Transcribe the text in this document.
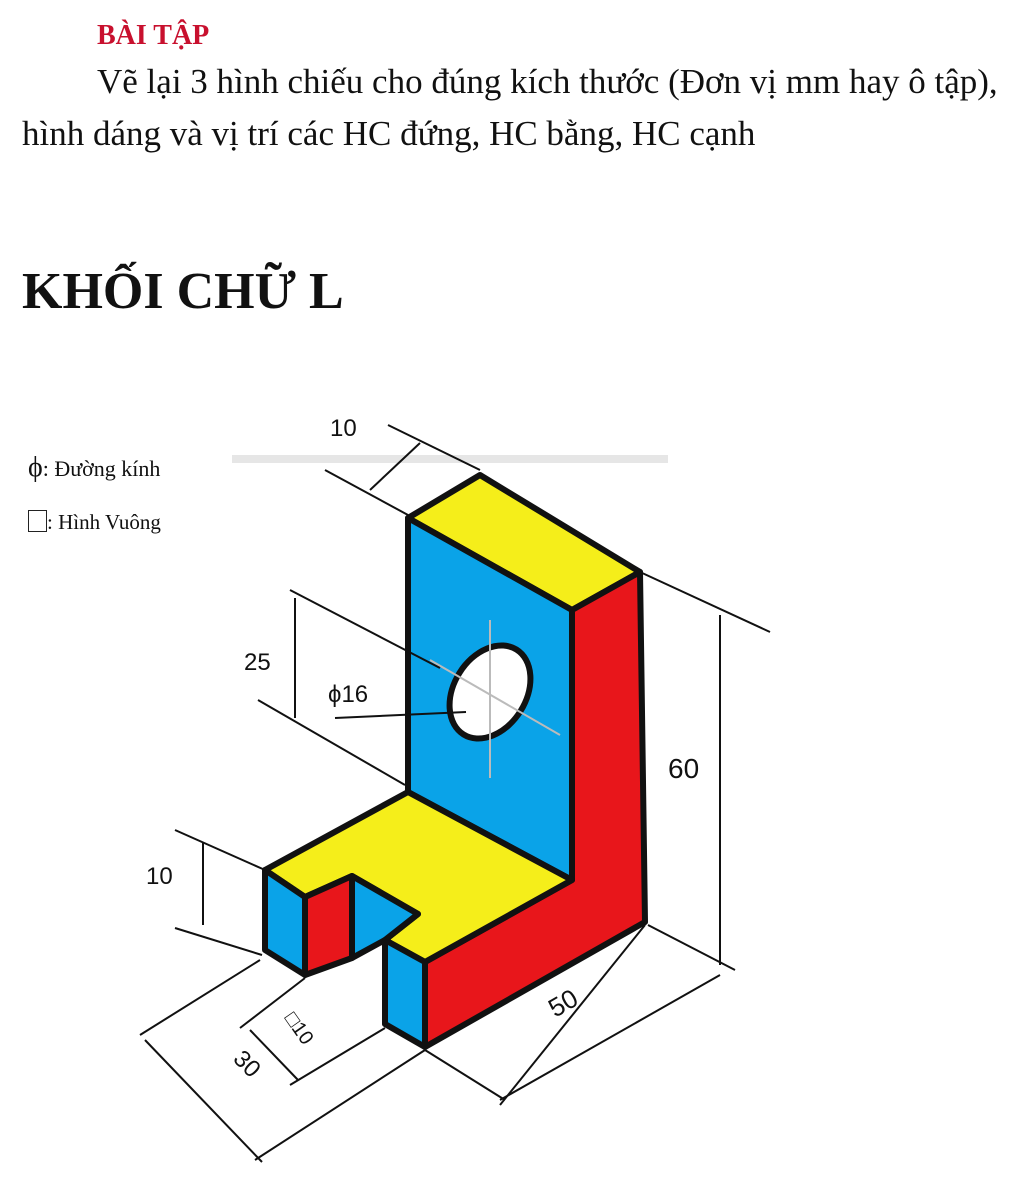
BÀI TẬP
Vẽ lại 3 hình chiếu cho đúng kích thước (Đơn vị mm hay ô tập), hình dáng và vị trí các HC đứng, HC bằng, HC cạnh
KHỐI CHỮ L
ϕ: Đường kính
: Hình Vuông
10
25
ϕ16
60
10
50
□10
30
